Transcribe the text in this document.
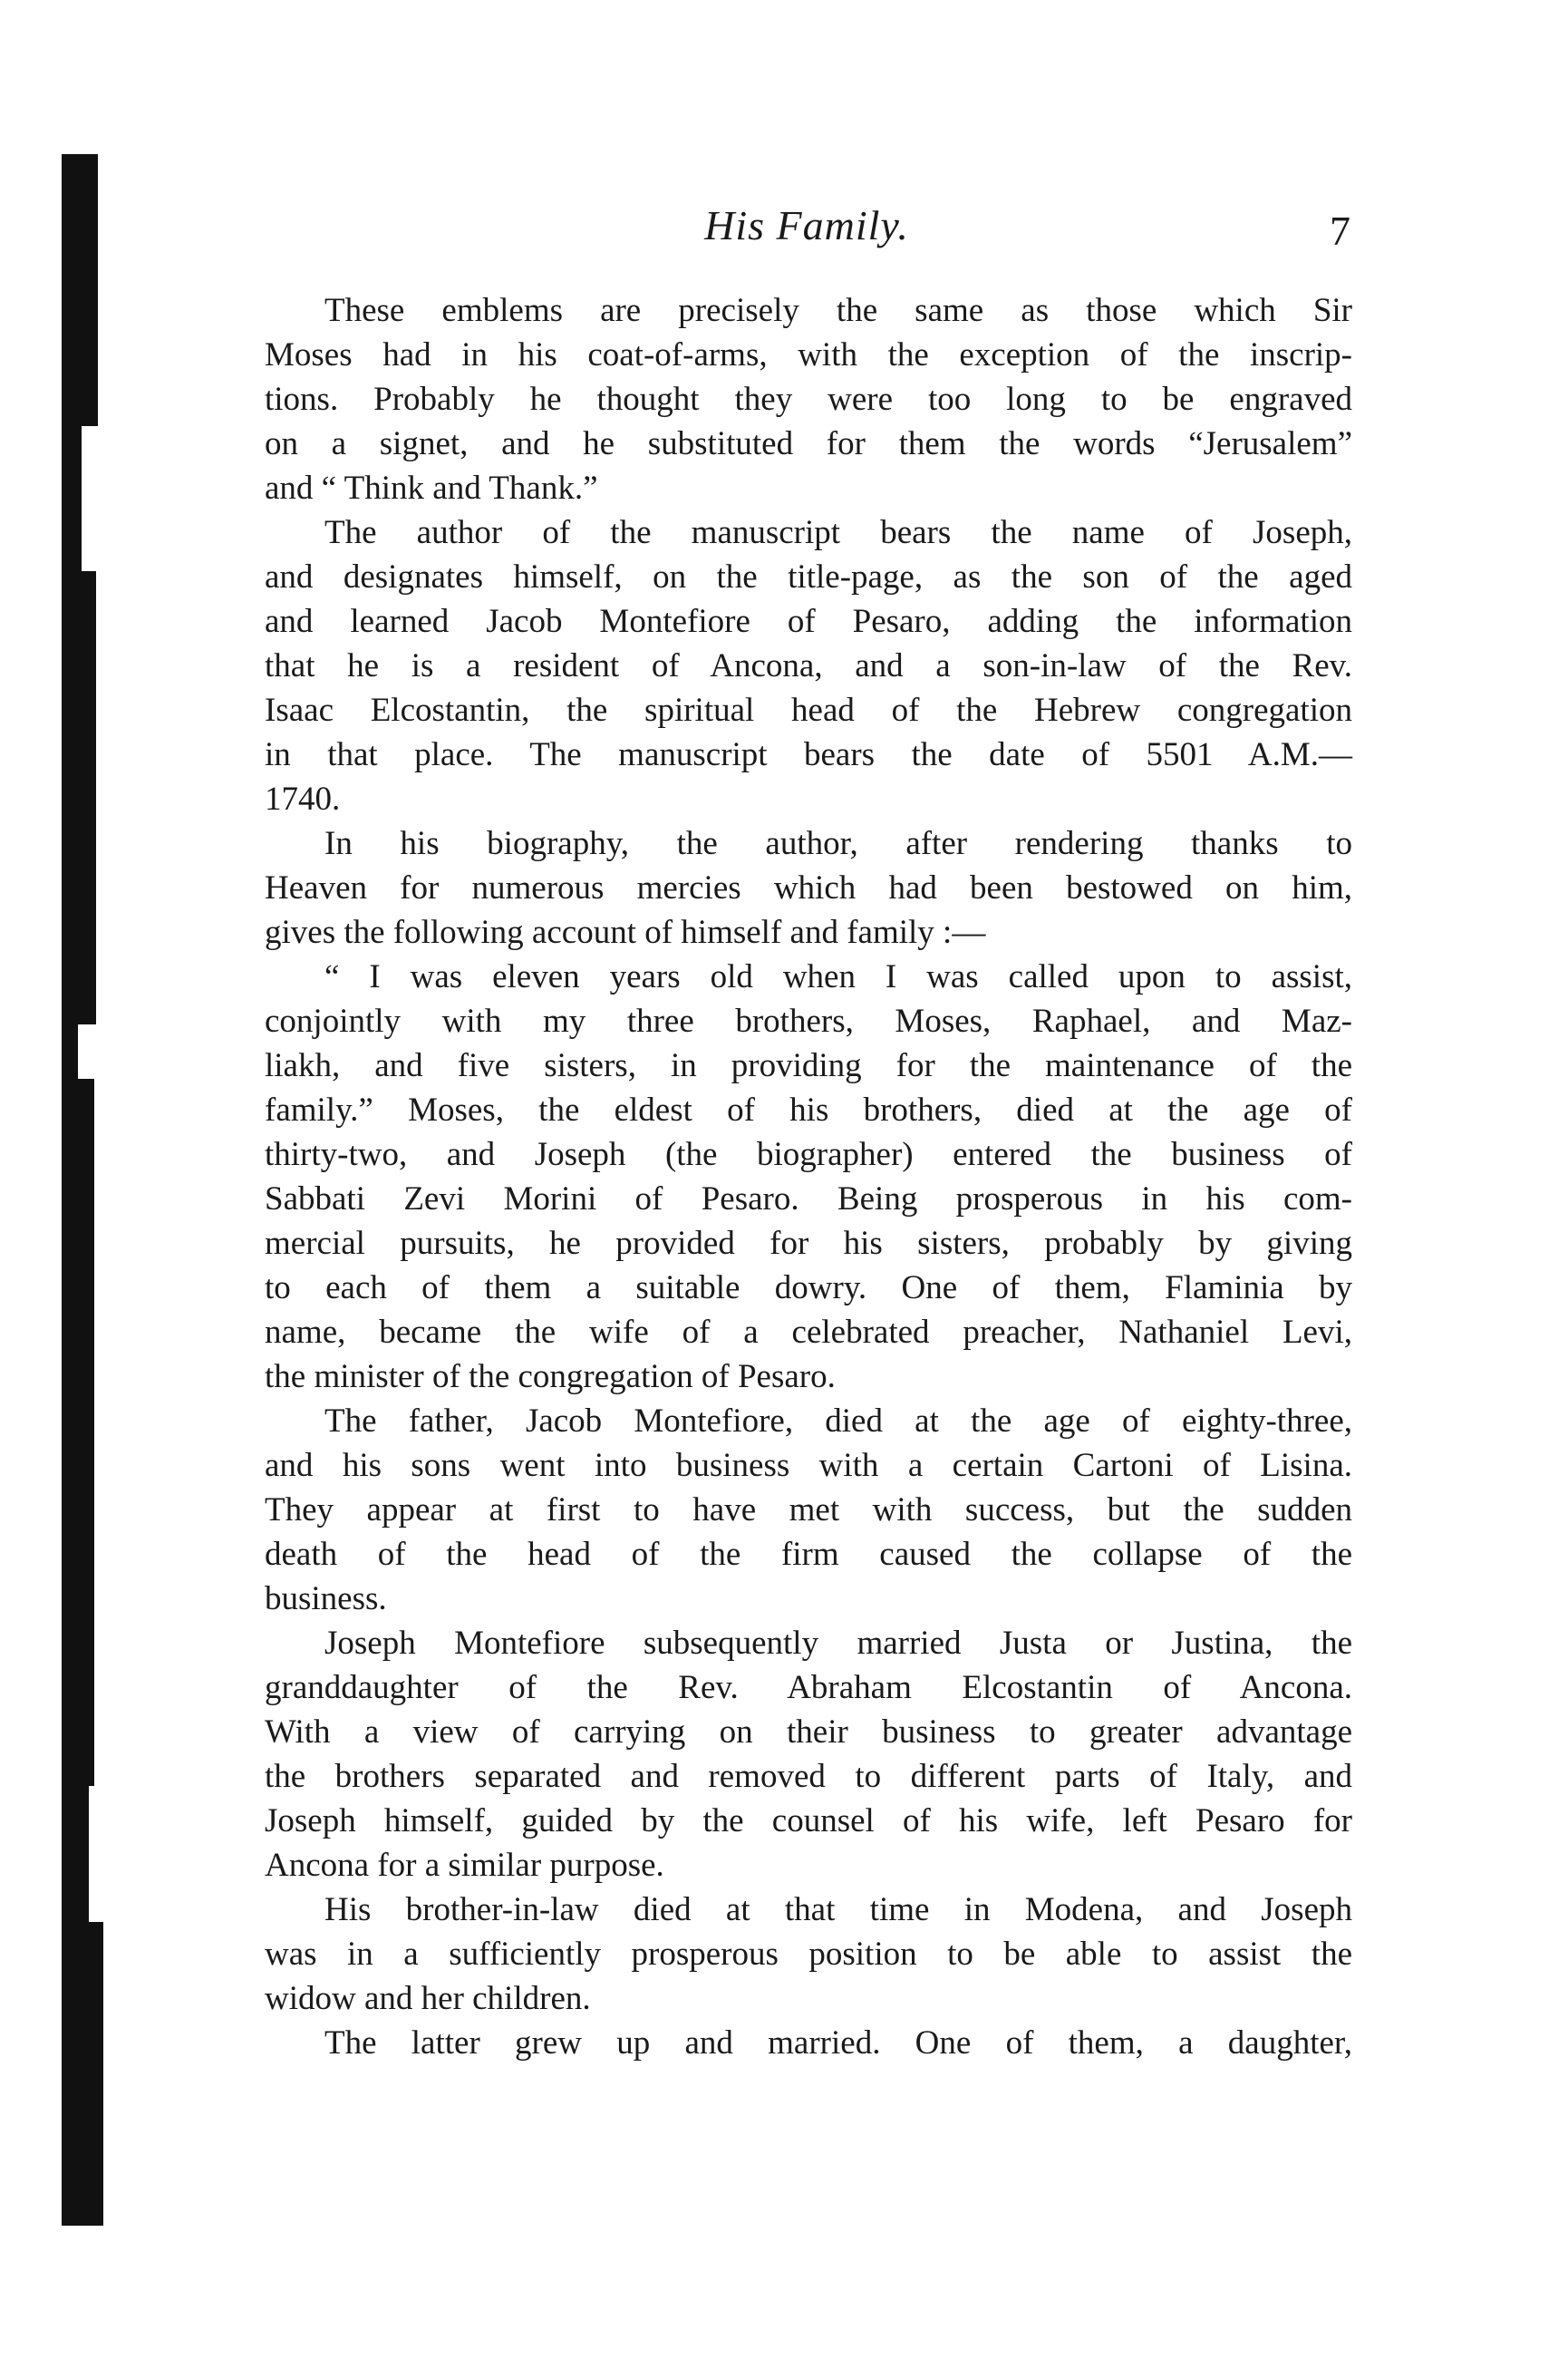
His Family.	7
These emblems are precisely the same as those which Sir
Moses had in his coat-of-arms, with the exception of the inscrip-
tions. Probably he thought they were too long to be engraved
on a signet, and he substituted for them the words “Jerusalem”
and “ Think and Thank.”
The author of the manuscript bears the name of Joseph,
and designates himself, on the title-page, as the son of the aged
and learned Jacob Montefiore of Pesaro, adding the information
that he is a resident of Ancona, and a son-in-law of the Rev.
Isaac Elcostantin, the spiritual head of the Hebrew congregation
in that place. The manuscript bears the date of 5501 A.M.—
1740.
In his biography, the author, after rendering thanks to
Heaven for numerous mercies which had been bestowed on him,
gives the following account of himself and family :—
“ I was eleven years old when I was called upon to assist,
conjointly with my three brothers, Moses, Raphael, and Maz-
liakh, and five sisters, in providing for the maintenance of the
family.” Moses, the eldest of his brothers, died at the age of
thirty-two, and Joseph (the biographer) entered the business of
Sabbati Zevi Morini of Pesaro. Being prosperous in his com-
mercial pursuits, he provided for his sisters, probably by giving
to each of them a suitable dowry. One of them, Flaminia by
name, became the wife of a celebrated preacher, Nathaniel Levi,
the minister of the congregation of Pesaro.
The father, Jacob Montefiore, died at the age of eighty-three,
and his sons went into business with a certain Cartoni of Lisina.
They appear at first to have met with success, but the sudden
death of the head of the firm caused the collapse of the
business.
Joseph Montefiore subsequently married Justa or Justina, the
granddaughter of the Rev. Abraham Elcostantin of Ancona.
With a view of carrying on their business to greater advantage
the brothers separated and removed to different parts of Italy, and
Joseph himself, guided by the counsel of his wife, left Pesaro for
Ancona for a similar purpose.
His brother-in-law died at that time in Modena, and Joseph
was in a sufficiently prosperous position to be able to assist the
widow and her children.
The latter grew up and married. One of them, a daughter,
